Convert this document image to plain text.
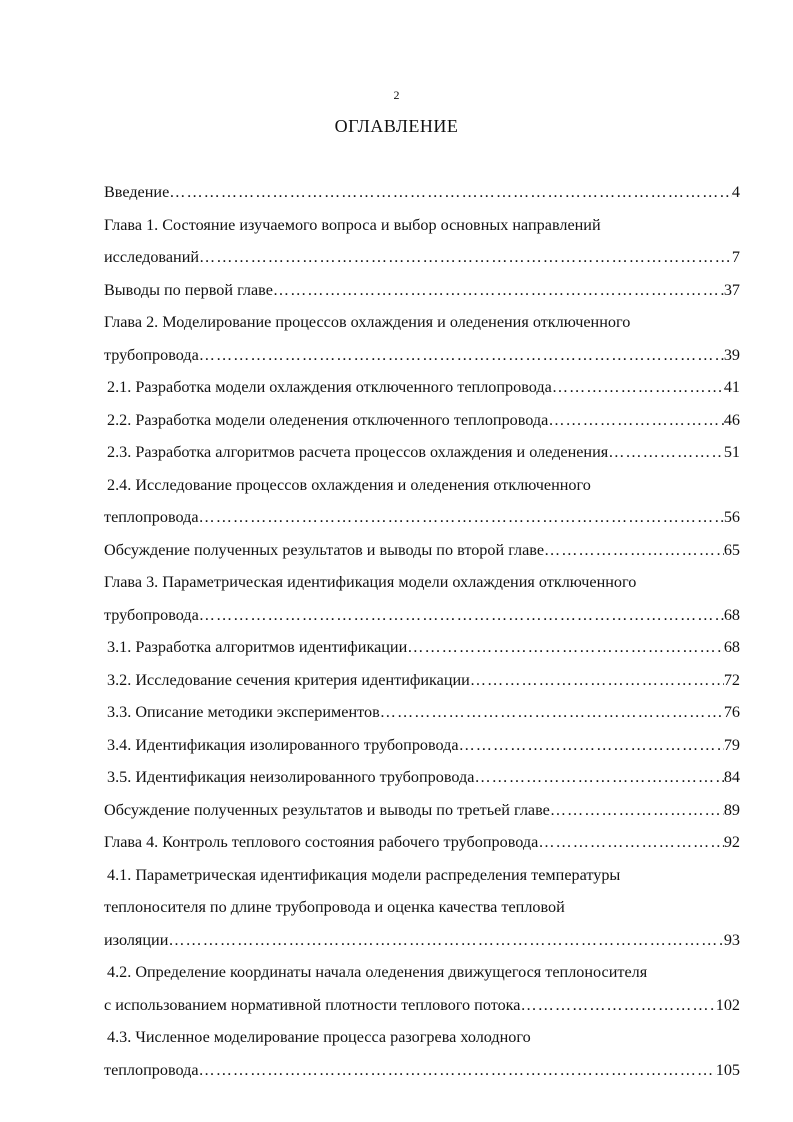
2
ОГЛАВЛЕНИЕ
Введение ……………………………………………………………………………………………………………………………………	4
Глава 1. Состояние изучаемого вопроса и выбор основных направлений
исследований ……………………………………………………………………………………………………………………………………	7
Выводы по первой главе ……………………………………………………………………………………………………………………………………	37
Глава 2. Моделирование процессов охлаждения и оледенения отключенного
трубопровода ……………………………………………………………………………………………………………………………………	39
2.1. Разработка модели охлаждения отключенного теплопровода ……………………………………………………………………………………………………………………………………	41
2.2. Разработка модели оледенения отключенного теплопровода ……………………………………………………………………………………………………………………………………	46
2.3. Разработка алгоритмов расчета процессов охлаждения и оледенения ……………………………………………………………………………………………………………………………………	51
2.4. Исследование процессов охлаждения и оледенения отключенного
теплопровода ……………………………………………………………………………………………………………………………………	56
Обсуждение полученных результатов и выводы по второй главе ……………………………………………………………………………………………………………………………………	65
Глава 3. Параметрическая идентификация модели охлаждения отключенного
трубопровода ……………………………………………………………………………………………………………………………………	68
3.1. Разработка алгоритмов идентификации ……………………………………………………………………………………………………………………………………	68
3.2. Исследование сечения критерия идентификации ……………………………………………………………………………………………………………………………………	72
3.3. Описание методики экспериментов ……………………………………………………………………………………………………………………………………	76
3.4. Идентификация изолированного трубопровода ……………………………………………………………………………………………………………………………………	79
3.5. Идентификация неизолированного трубопровода ……………………………………………………………………………………………………………………………………	84
Обсуждение полученных результатов и выводы по третьей главе ……………………………………………………………………………………………………………………………………	89
Глава 4. Контроль теплового состояния рабочего трубопровода ……………………………………………………………………………………………………………………………………	92
4.1. Параметрическая идентификация модели распределения температуры
теплоносителя по длине трубопровода и оценка качества тепловой
изоляции ……………………………………………………………………………………………………………………………………	93
4.2. Определение координаты начала оледенения движущегося теплоносителя
с использованием нормативной плотности теплового потока ……………………………………………………………………………………………………………………………………	102
4.3. Численное моделирование процесса разогрева холодного
теплопровода ……………………………………………………………………………………………………………………………………	105
